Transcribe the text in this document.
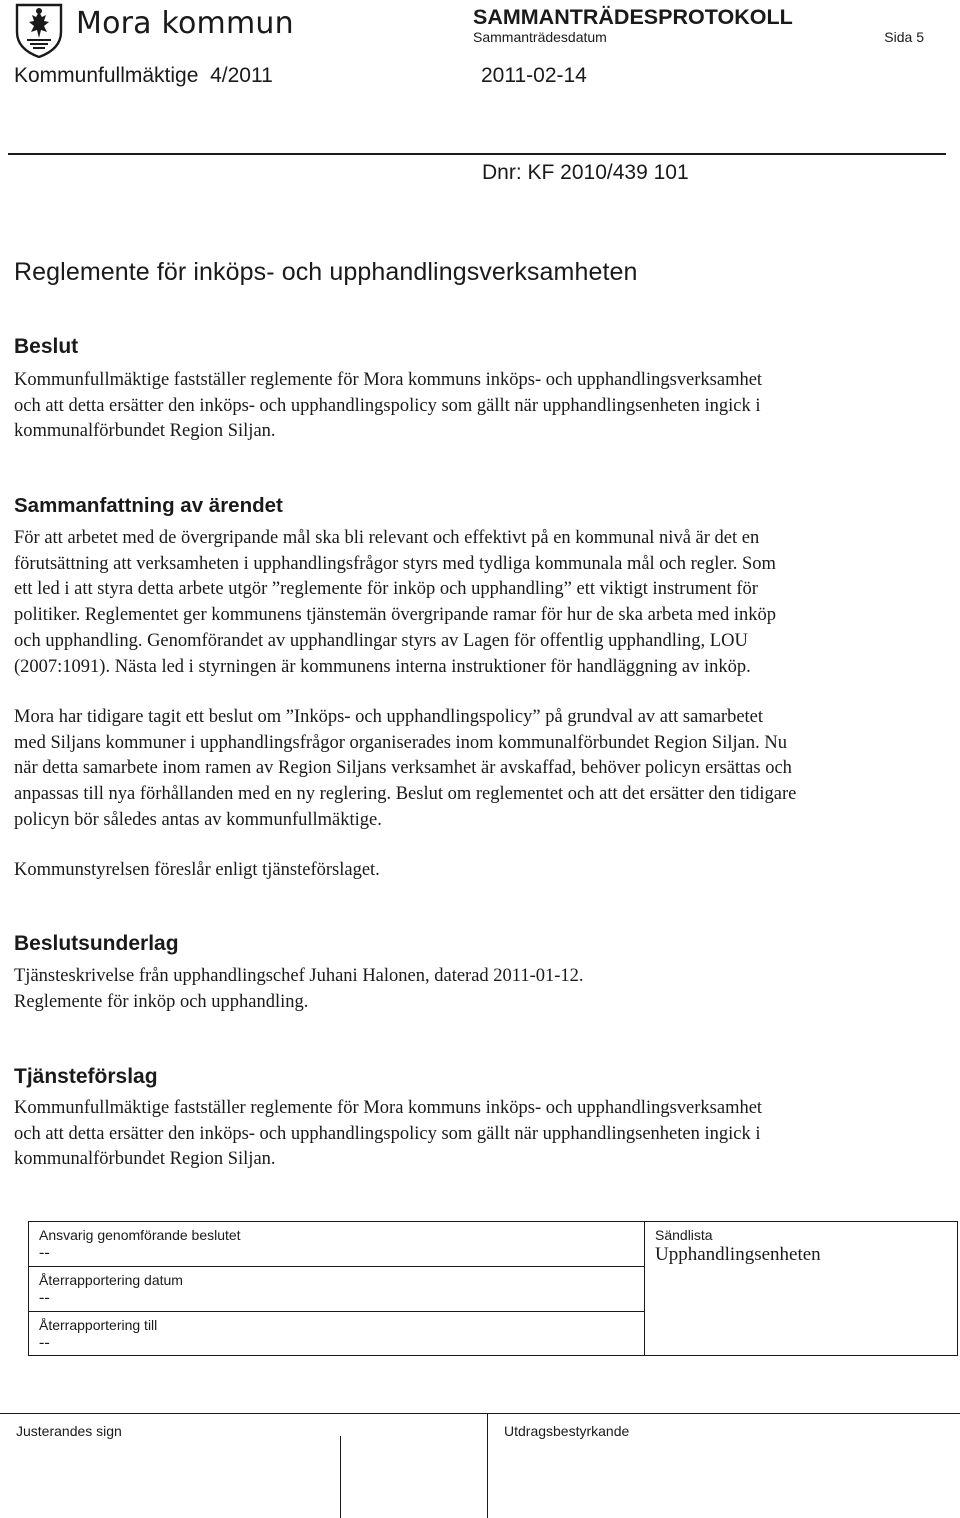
Mora kommun	SAMMANTRÄDESPROTOKOLL
Sammanträdesdatum	Sida 5
Kommunfullmäktige  4/2011	2011-02-14
Dnr: KF 2010/439 101
Reglemente för inköps- och upphandlingsverksamheten
Beslut
Kommunfullmäktige fastställer reglemente för Mora kommuns inköps- och upphandlingsverksamhet
och att detta ersätter den inköps- och upphandlingspolicy som gällt när upphandlingsenheten ingick i
kommunalförbundet Region Siljan.
Sammanfattning av ärendet
För att arbetet med de övergripande mål ska bli relevant och effektivt på en kommunal nivå är det en
förutsättning att verksamheten i upphandlingsfrågor styrs med tydliga kommunala mål och regler. Som
ett led i att styra detta arbete utgör ”reglemente för inköp och upphandling” ett viktigt instrument för
politiker. Reglementet ger kommunens tjänstemän övergripande ramar för hur de ska arbeta med inköp
och upphandling. Genomförandet av upphandlingar styrs av Lagen för offentlig upphandling, LOU
(2007:1091). Nästa led i styrningen är kommunens interna instruktioner för handläggning av inköp.
Mora har tidigare tagit ett beslut om ”Inköps- och upphandlingspolicy” på grundval av att samarbetet
med Siljans kommuner i upphandlingsfrågor organiserades inom kommunalförbundet Region Siljan. Nu
när detta samarbete inom ramen av Region Siljans verksamhet är avskaffad, behöver policyn ersättas och
anpassas till nya förhållanden med en ny reglering. Beslut om reglementet och att det ersätter den tidigare
policyn bör således antas av kommunfullmäktige.
Kommunstyrelsen föreslår enligt tjänsteförslaget.
Beslutsunderlag
Tjänsteskrivelse från upphandlingschef Juhani Halonen, daterad 2011-01-12.
Reglemente för inköp och upphandling.
Tjänsteförslag
Kommunfullmäktige fastställer reglemente för Mora kommuns inköps- och upphandlingsverksamhet
och att detta ersätter den inköps- och upphandlingspolicy som gällt när upphandlingsenheten ingick i
kommunalförbundet Region Siljan.
Ansvarig genomförande beslutet
--
Återrapportering datum
--
Återrapportering till
--
Sändlista
Upphandlingsenheten
Justerandes sign	Utdragsbestyrkande
